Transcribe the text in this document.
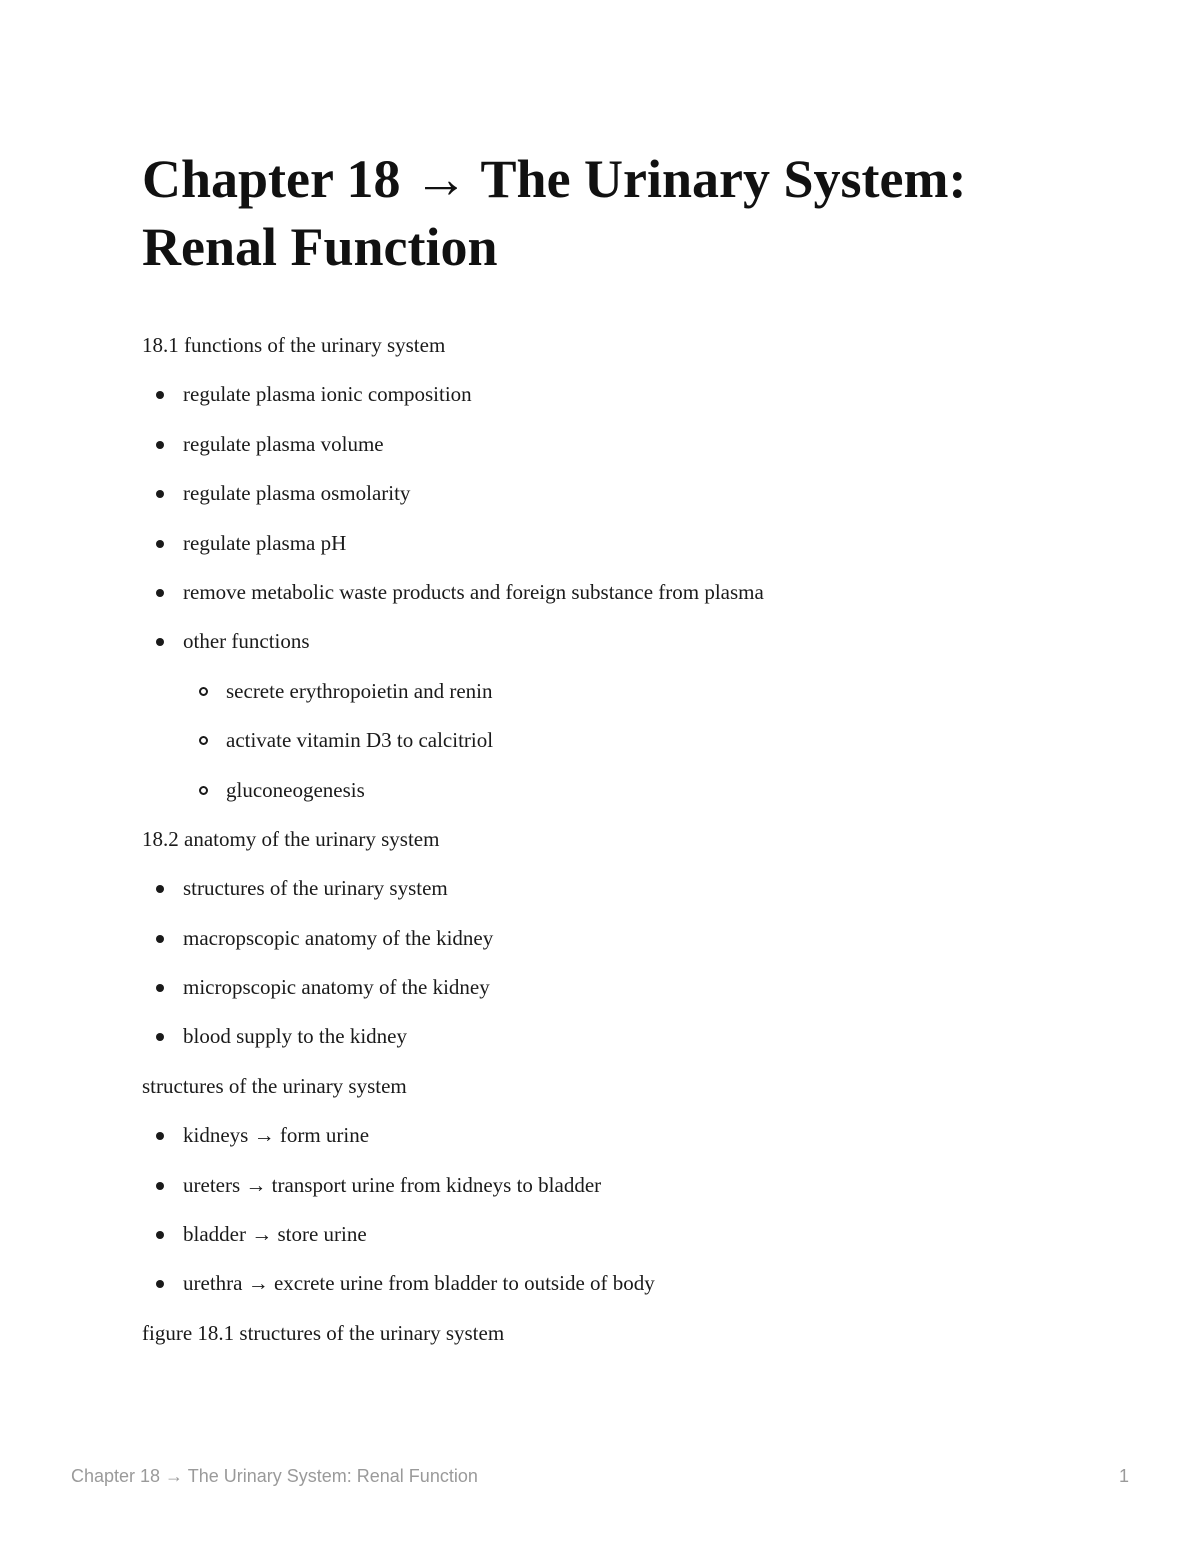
Chapter 18 → The Urinary System:
Renal Function
18.1 functions of the urinary system
regulate plasma ionic composition
regulate plasma volume
regulate plasma osmolarity
regulate plasma pH
remove metabolic waste products and foreign substance from plasma
other functions
secrete erythropoietin and renin
activate vitamin D3 to calcitriol
gluconeogenesis
18.2 anatomy of the urinary system
structures of the urinary system
macropscopic anatomy of the kidney
micropscopic anatomy of the kidney
blood supply to the kidney
structures of the urinary system
kidneys → form urine
ureters → transport urine from kidneys to bladder
bladder → store urine
urethra → excrete urine from bladder to outside of body
figure 18.1 structures of the urinary system
Chapter 18 → The Urinary System: Renal Function	1
